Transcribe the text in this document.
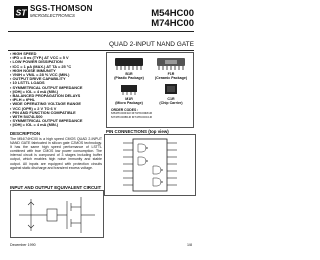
ST SGS-THOMSON
MICROELECTRONICS	M54HC00
M74HC00
QUAD 2-INPUT NAND GATE
▪ HIGH SPEED
▪ tPD = 8 ns (TYP.) AT VCC = 5 V
▪ LOW POWER DISSIPATION
▪ ICC = 1 μA (MAX.) AT TA = 25 °C
▪ HIGH NOISE IMMUNITY
▪ VNIH = VNIL = 28 % VCC (MIN.)
▪ OUTPUT DRIVE CAPABILITY
▪ 10 LSTTL LOADS
▪ SYMMETRICAL OUTPUT IMPEDANCE
▪ |IOH| = IOL = 4 mA (MIN.)
▪ BALANCED PROPAGATION DELAYS
▪ tPLH = tPHL
▪ WIDE OPERATING VOLTAGE RANGE
▪ VCC (OPR) = 2 V TO 6 V
▪ PIN AND FUNCTION COMPATIBLE
▪ WITH 54/74LS00
▪ SYMMETRICAL OUTPUT IMPEDANCE
▪ |IOH| = IOL = 4 mA (MIN.)
B1R
(Plastic Package)
F1R
(Ceramic Package)
M1R
(Micro Package)
C1R
(Chip Carrier)
ORDER CODES :
M54HC00F1R M74HC00M1R
M74HC00B1R M74HC00C1R
DESCRIPTION
The M54/74HC00 is a high speed CMOS QUAD 2-INPUT NAND GATE fabricated in silicon gate C2MOS technology. It has the same high speed performance of LSTTL combined with true CMOS low power consumption. The internal circuit is composed of 3 stages including buffer output, which enables high noise immunity and stable output. All inputs are equipped with protection circuits against static discharge and transient excess voltage.
PIN CONNECTIONS (top view)
INPUT AND OUTPUT EQUIVALENT CIRCUIT
December 1990	1/8
